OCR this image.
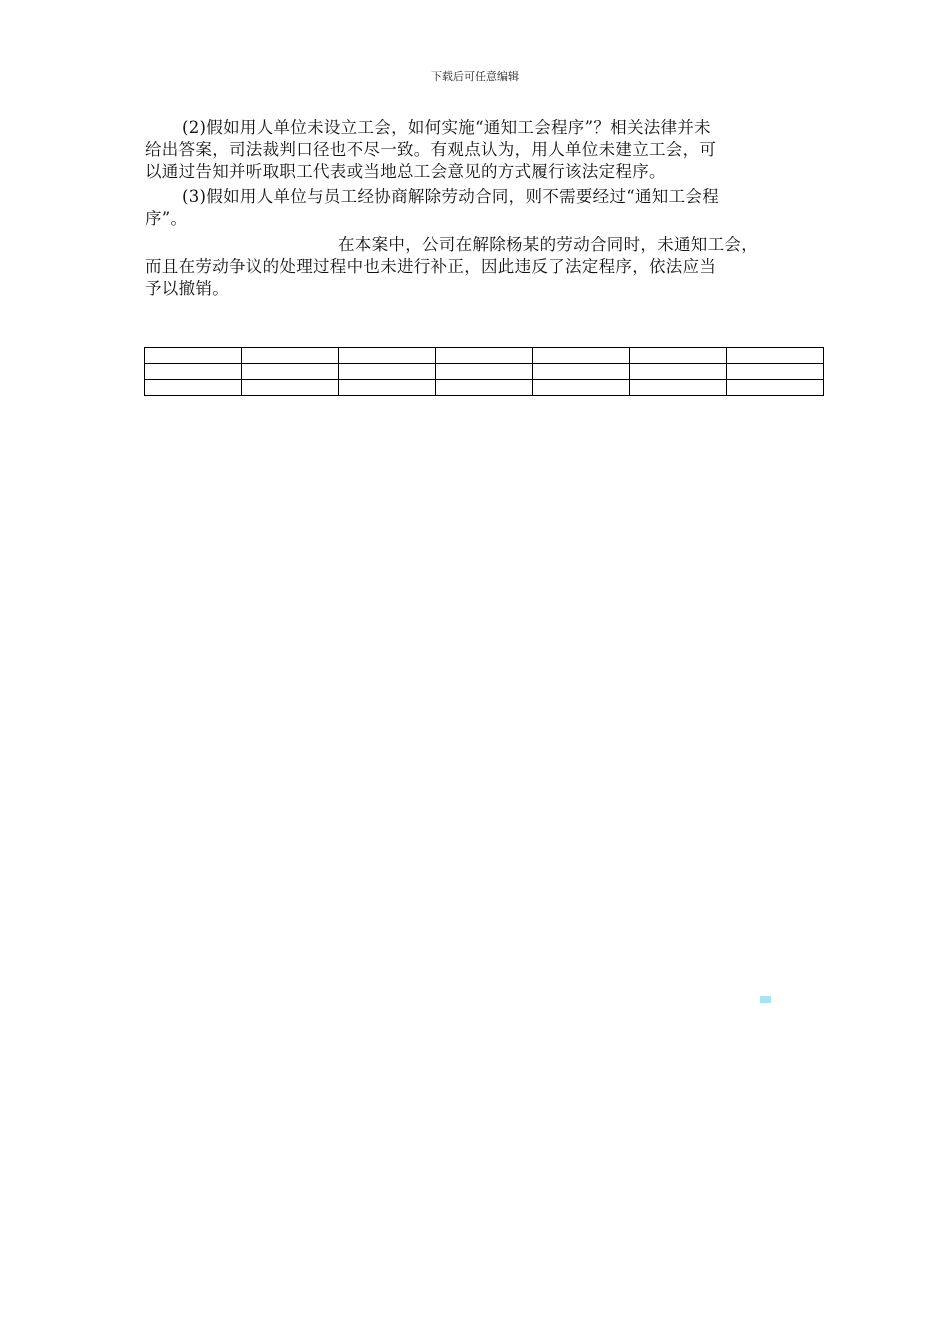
下载后可任意编辑
(2)假如用人单位未设立工会，如何实施“通知工会程序”？相关法律并未
给出答案，司法裁判口径也不尽一致。有观点认为，用人单位未建立工会，可
以通过告知并听取职工代表或当地总工会意见的方式履行该法定程序。
(3)假如用人单位与员工经协商解除劳动合同，则不需要经过“通知工会程
序”。
在本案中，公司在解除杨某的劳动合同时，未通知工会，
而且在劳动争议的处理过程中也未进行补正，因此违反了法定程序，依法应当
予以撤销。
